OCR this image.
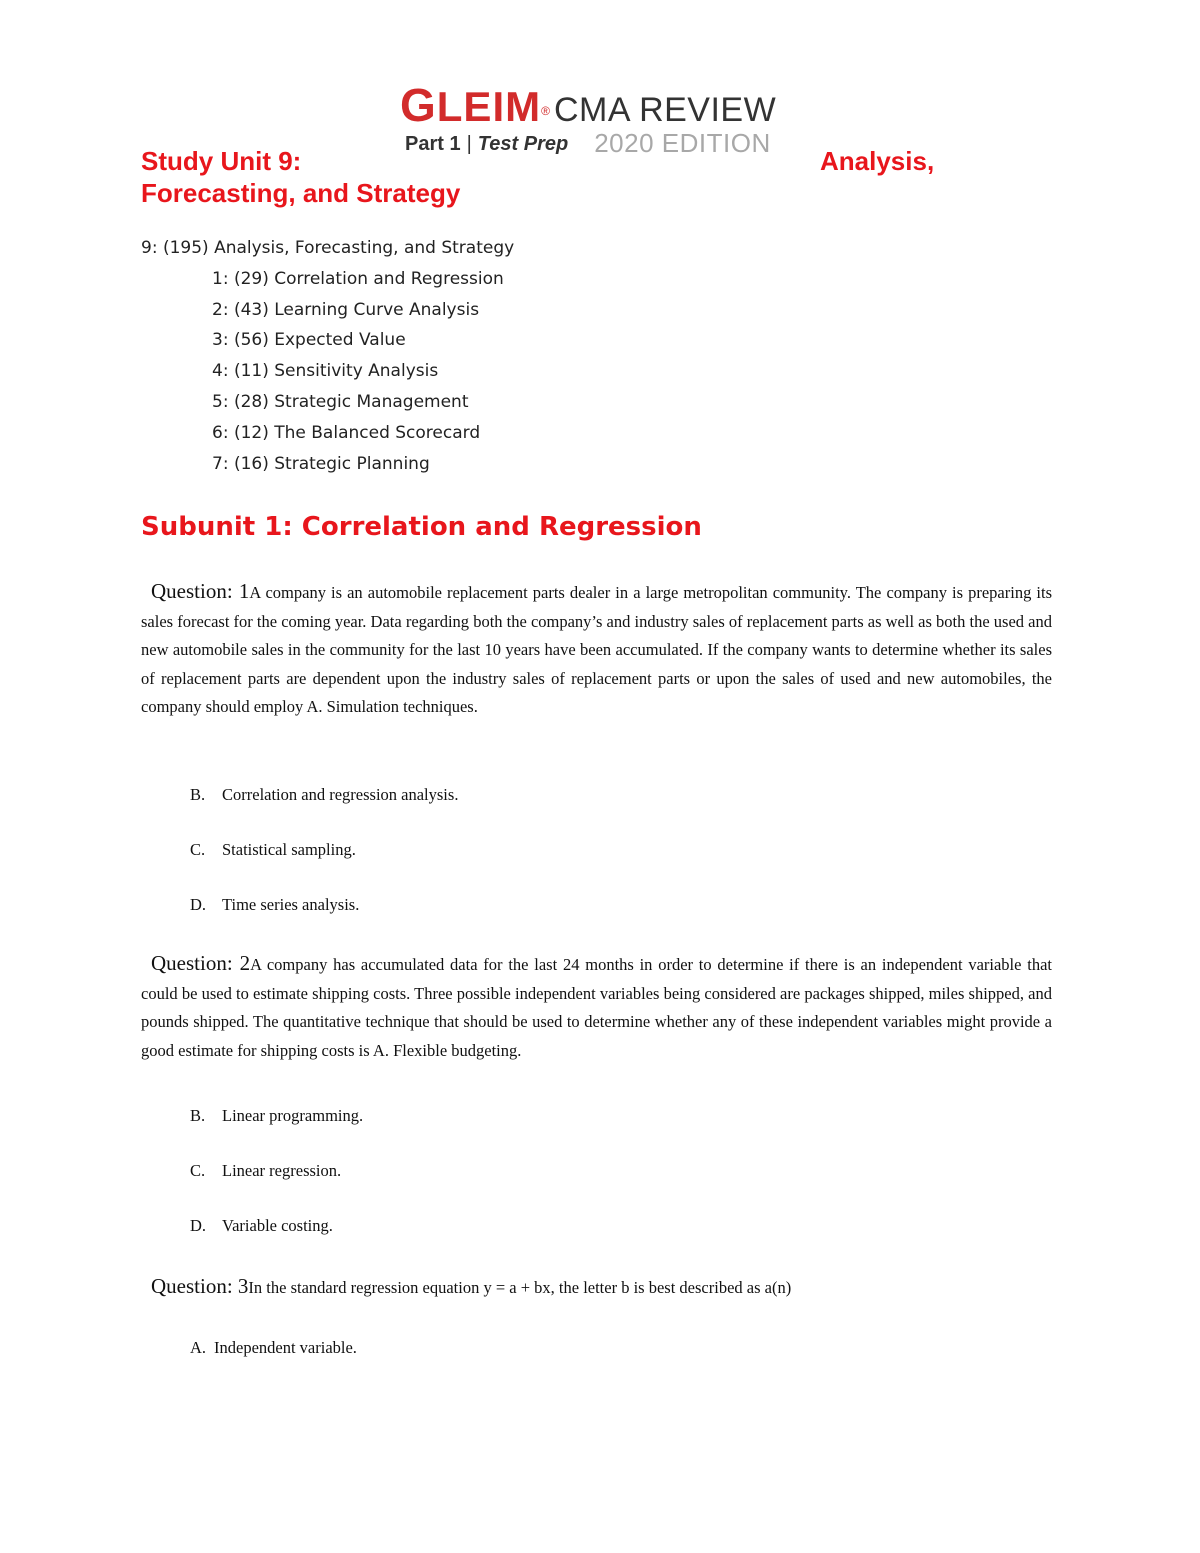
GLEIM® CMA REVIEW
Part 1 | Test Prep 2020 EDITION
Study Unit 9:	Analysis,
Forecasting, and Strategy
9: (195) Analysis, Forecasting, and Strategy
1: (29) Correlation and Regression
2: (43) Learning Curve Analysis
3: (56) Expected Value
4: (11) Sensitivity Analysis
5: (28) Strategic Management
6: (12) The Balanced Scorecard
7: (16) Strategic Planning
Subunit 1: Correlation and Regression
Question: 1A company is an automobile replacement parts dealer in a large metropolitan community. The company is preparing its sales forecast for the coming year. Data regarding both the company’s and industry sales of replacement parts as well as both the used and new automobile sales in the community for the last 10 years have been accumulated. If the company wants to determine whether its sales of replacement parts are dependent upon the industry sales of replacement parts or upon the sales of used and new automobiles, the company should employ A. Simulation techniques.
B. Correlation and regression analysis.
C. Statistical sampling.
D. Time series analysis.
Question: 2A company has accumulated data for the last 24 months in order to determine if there is an independent variable that could be used to estimate shipping costs. Three possible independent variables being considered are packages shipped, miles shipped, and pounds shipped. The quantitative technique that should be used to determine whether any of these independent variables might provide a good estimate for shipping costs is A. Flexible budgeting.
B. Linear programming.
C. Linear regression.
D. Variable costing.
Question: 3In the standard regression equation y = a + bx, the letter b is best described as a(n)
A. Independent variable.
